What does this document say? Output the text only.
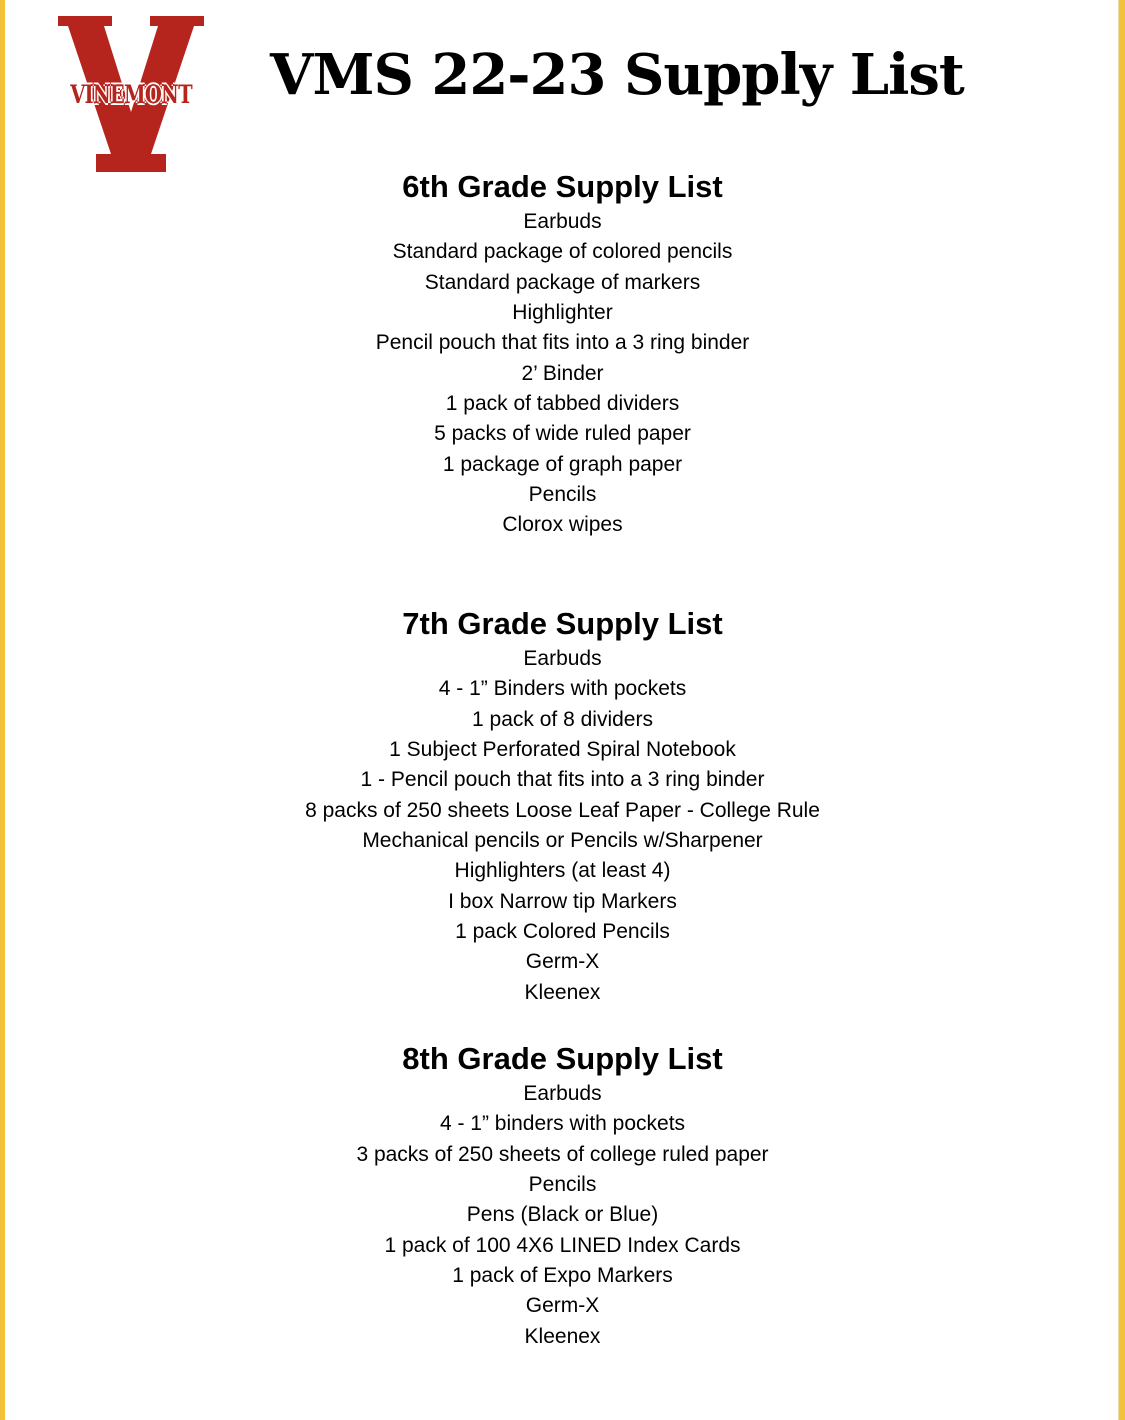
VINEMONT VMS 22-23 Supply List
6th Grade Supply List
Earbuds
Standard package of colored pencils
Standard package of markers
Highlighter
Pencil pouch that fits into a 3 ring binder
2’ Binder
1 pack of tabbed dividers
5 packs of wide ruled paper
1 package of graph paper
Pencils
Clorox wipes
7th Grade Supply List
Earbuds
4 - 1” Binders with pockets
1 pack of 8 dividers
1 Subject Perforated Spiral Notebook
1 - Pencil pouch that fits into a 3 ring binder
8 packs of 250 sheets Loose Leaf Paper - College Rule
Mechanical pencils or Pencils w/Sharpener
Highlighters (at least 4)
I box Narrow tip Markers
1 pack Colored Pencils
Germ-X
Kleenex
8th Grade Supply List
Earbuds
4 - 1” binders with pockets
3 packs of 250 sheets of college ruled paper
Pencils
Pens (Black or Blue)
1 pack of 100 4X6 LINED Index Cards
1 pack of Expo Markers
Germ-X
Kleenex
